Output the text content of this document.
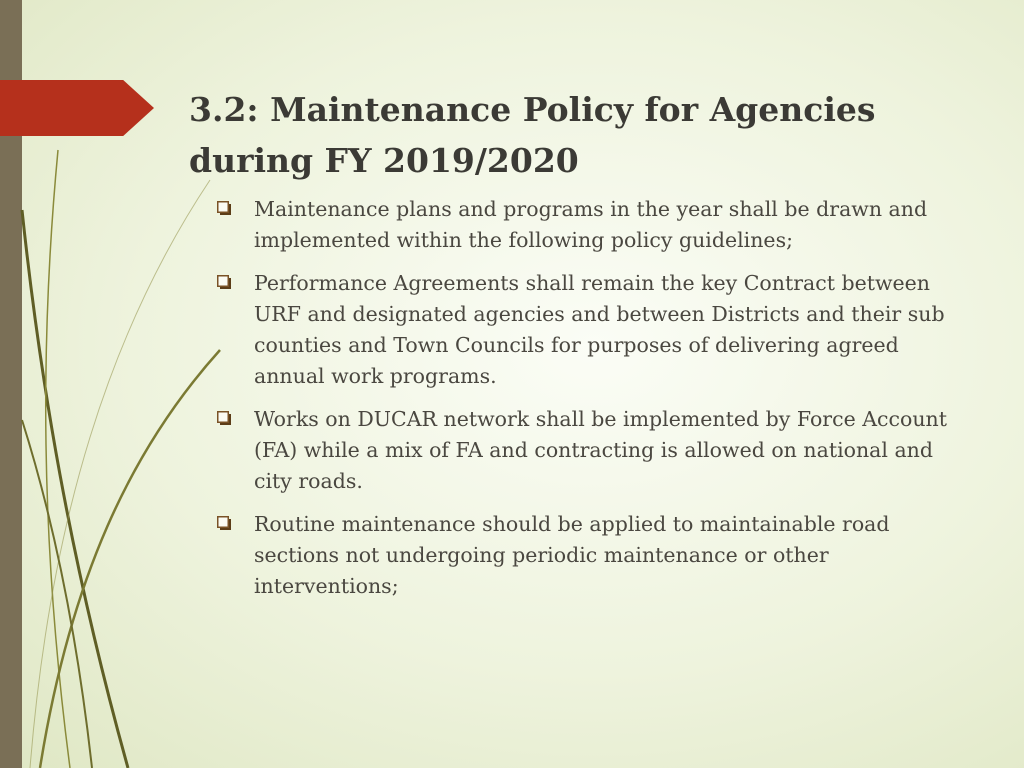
3.2: Maintenance Policy for Agencies during FY 2019/2020
Maintenance plans and programs in the year shall be drawn and implemented within the following policy guidelines;
Performance Agreements shall remain the key Contract between URF and designated agencies and between Districts and their sub counties and Town Councils for purposes of delivering agreed annual work programs.
Works on DUCAR network shall be implemented by Force Account (FA) while a mix of FA and contracting is allowed on national and city roads.
Routine maintenance should be applied to maintainable road sections not undergoing periodic maintenance or other interventions;
